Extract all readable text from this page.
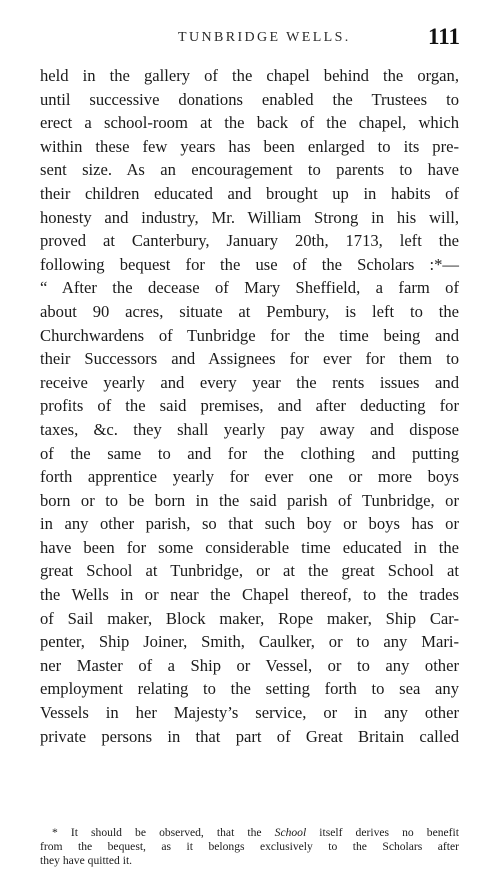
TUNBRIDGE WELLS.	111
held in the gallery of the chapel behind the organ,
until successive donations enabled the Trustees to
erect a school-room at the back of the chapel, which
within these few years has been enlarged to its pre-
sent size. As an encouragement to parents to have
their children educated and brought up in habits of
honesty and industry, Mr. William Strong in his will,
proved at Canterbury, January 20th, 1713, left the
following bequest for the use of the Scholars :*—
“ After the decease of Mary Sheffield, a farm of
about 90 acres, situate at Pembury, is left to the
Churchwardens of Tunbridge for the time being and
their Successors and Assignees for ever for them to
receive yearly and every year the rents issues and
profits of the said premises, and after deducting for
taxes, &c. they shall yearly pay away and dispose
of the same to and for the clothing and putting
forth apprentice yearly for ever one or more boys
born or to be born in the said parish of Tunbridge, or
in any other parish, so that such boy or boys has or
have been for some considerable time educated in the
great School at Tunbridge, or at the great School at
the Wells in or near the Chapel thereof, to the trades
of Sail maker, Block maker, Rope maker, Ship Car-
penter, Ship Joiner, Smith, Caulker, or to any Mari-
ner Master of a Ship or Vessel, or to any other
employment relating to the setting forth to sea any
Vessels in her Majesty’s service, or in any other
private persons in that part of Great Britain called
* It should be observed, that the School itself derives no benefit
from the bequest, as it belongs exclusively to the Scholars after
they have quitted it.
